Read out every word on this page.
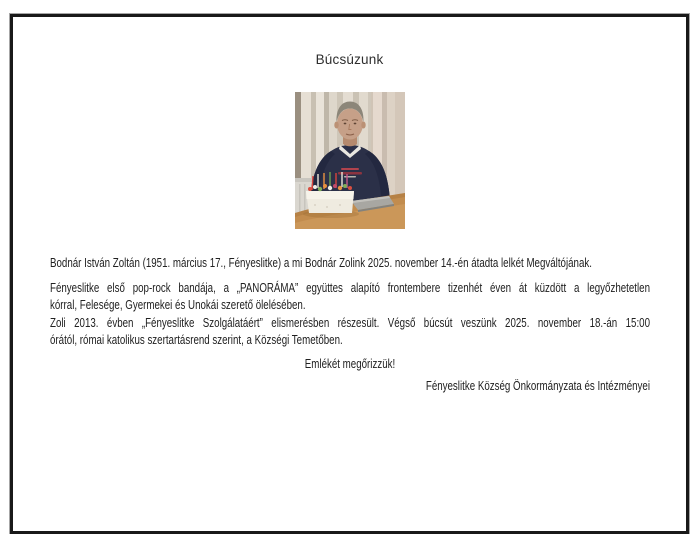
Búcsúzunk
Bodnár István Zoltán (1951. március 17., Fényeslitke) a mi Bodnár Zolink 2025. november 14.-én átadta lelkét Megváltójának.
Fényeslitke első pop-rock bandája, a „PANORÁMA” együttes alapító frontembere tizenhét éven át küzdött a legyőzhetetlen
kórral, Felesége, Gyermekei és Unokái szerető ölelésében.
Zoli 2013. évben „Fényeslitke Szolgálatáért” elismerésben részesült. Végső búcsút veszünk 2025. november 18.-án 15:00
órától, római katolikus szertartásrend szerint, a Községi Temetőben.
Emlékét megőrizzük!
Fényeslitke Község Önkormányzata és Intézményei
